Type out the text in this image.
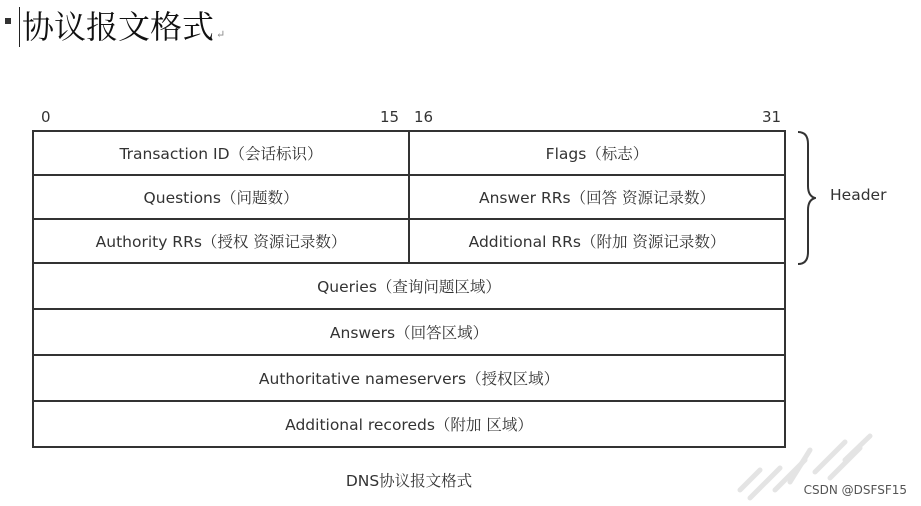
协议报文格式 ↵
0	15 16	31
Transaction ID（会话标识）	Flags（标志）
Questions（问题数）	Answer RRs（回答 资源记录数）
Authority RRs（授权 资源记录数）	Additional RRs（附加 资源记录数）
Queries（查询问题区域）
Answers（回答区域）
Authoritative nameservers（授权区域）
Additional recoreds（附加 区域）
Header
DNS协议报文格式	CSDN @DSFSF15
